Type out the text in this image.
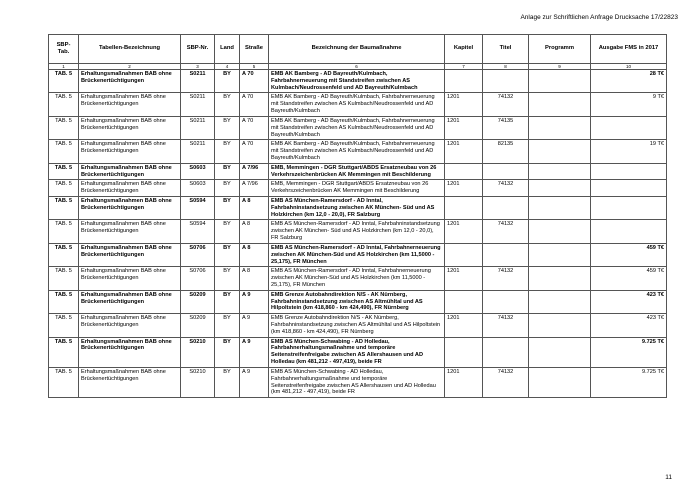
Anlage zur Schriftlichen Anfrage Drucksache 17/22823
SBP-Tab.	Tabellen-Bezeichnung	SBP-Nr.	Land	Straße	Bezeichnung der Baumaßnahme	Kapitel	Titel	Programm	Ausgabe FMS in 2017
1	2	3	4	5	6	7	8	9	10
TAB. 5	Erhaltungsmaßnahmen BAB ohne Brückenertüchtigungen	S0211	BY	A 70	EMB AK Bamberg - AD Bayreuth/Kulmbach, Fahrbahnerneuerung mit Standstreifen zwischen AS Kulmbach/Neudrossenfeld und AD Bayreuth/Kulmbach				28 T€
TAB. 5	Erhaltungsmaßnahmen BAB ohne Brückenertüchtigungen	S0211	BY	A 70	EMB AK Bamberg - AD Bayreuth/Kulmbach, Fahrbahnerneuerung mit Standstreifen zwischen AS Kulmbach/Neudrossenfeld und AD Bayreuth/Kulmbach	1201	74132		9 T€
TAB. 5	Erhaltungsmaßnahmen BAB ohne Brückenertüchtigungen	S0211	BY	A 70	EMB AK Bamberg - AD Bayreuth/Kulmbach, Fahrbahnerneuerung mit Standstreifen zwischen AS Kulmbach/Neudrossenfeld und AD Bayreuth/Kulmbach	1201	74135		
TAB. 5	Erhaltungsmaßnahmen BAB ohne Brückenertüchtigungen	S0211	BY	A 70	EMB AK Bamberg - AD Bayreuth/Kulmbach, Fahrbahnerneuerung mit Standstreifen zwischen AS Kulmbach/Neudrossenfeld und AD Bayreuth/Kulmbach	1201	82135		19 T€
TAB. 5	Erhaltungsmaßnahmen BAB ohne Brückenertüchtigungen	S0603	BY	A 7/96	EMB, Memmingen - DGR Stuttgart/ABDS Ersatzneubau von 26 Verkehrszeichenbrücken AK Memmingen mit Beschilderung				
TAB. 5	Erhaltungsmaßnahmen BAB ohne Brückenertüchtigungen	S0603	BY	A 7/96	EMB, Memmingen - DGR Stuttgart/ABDS Ersatzneubau von 26 Verkehrszeichenbrücken AK Memmingen mit Beschilderung	1201	74132		
TAB. 5	Erhaltungsmaßnahmen BAB ohne Brückenertüchtigungen	S0594	BY	A 8	EMB AS München-Ramersdorf - AD Inntal, Fahrbahninstandsetzung zwischen AK München- Süd und AS Holzkirchen (km 12,0 - 20,0), FR Salzburg				
TAB. 5	Erhaltungsmaßnahmen BAB ohne Brückenertüchtigungen	S0594	BY	A 8	EMB AS München-Ramersdorf - AD Inntal, Fahrbahninstandsetzung zwischen AK München- Süd und AS Holzkirchen (km 12,0 - 20,0), FR Salzburg	1201	74132		
TAB. 5	Erhaltungsmaßnahmen BAB ohne Brückenertüchtigungen	S0706	BY	A 8	EMB AS München-Ramersdorf - AD Inntal, Fahrbahnerneuerung zwischen AK München-Süd und AS Holzkirchen (km 11,5000 - 25,175), FR München				459 T€
TAB. 5	Erhaltungsmaßnahmen BAB ohne Brückenertüchtigungen	S0706	BY	A 8	EMB AS München-Ramersdorf - AD Inntal, Fahrbahnerneuerung zwischen AK München-Süd und AS Holzkirchen (km 11,5000 - 25,175), FR München	1201	74132		459 T€
TAB. 5	Erhaltungsmaßnahmen BAB ohne Brückenertüchtigungen	S0209	BY	A 9	EMB Grenze Autobahndirektion N/S - AK Nürnberg, Fahrbahninstandsetzung zwischen AS Altmühltal und AS Hilpoltstein (km 418,860 - km 424,490), FR Nürnberg				423 T€
TAB. 5	Erhaltungsmaßnahmen BAB ohne Brückenertüchtigungen	S0209	BY	A 9	EMB Grenze Autobahndirektion N/S - AK Nürnberg, Fahrbahninstandsetzung zwischen AS Altmühltal und AS Hilpoltstein (km 418,860 - km 424,490), FR Nürnberg	1201	74132		423 T€
TAB. 5	Erhaltungsmaßnahmen BAB ohne Brückenertüchtigungen	S0210	BY	A 9	EMB AS München-Schwabing - AD Holledau, Fahrbahnerhaltungsmaßnahme und temporäre Seitenstreifenfreigabe zwischen AS Allershausen und AD Holledau (km 481,212 - 497,419), beide FR				9.725 T€
TAB. 5	Erhaltungsmaßnahmen BAB ohne Brückenertüchtigungen	S0210	BY	A 9	EMB AS München-Schwabing - AD Holledau, Fahrbahnerhaltungsmaßnahme und temporäre Seitenstreifenfreigabe zwischen AS Allershausen und AD Holledau (km 481,212 - 497,419), beide FR	1201	74132		9.725 T€
11
